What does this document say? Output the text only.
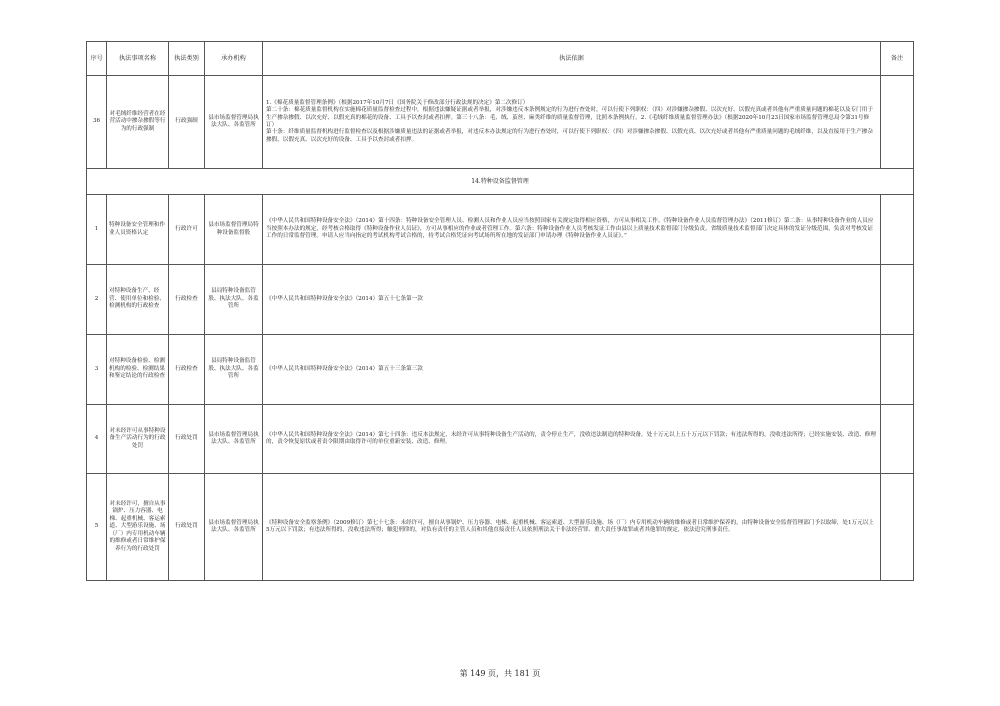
序号	执法事项名称	执法类别	承办机构	执法依据	备注
36	对毛绒纤维经营者在经营活动中掺杂掺假等行为的行政强制	行政强制	县市场监督管理局执法大队、各监管所	1.《棉花质量监督管理条例》（根据2017年10月7日《国务院关于修改部分行政法规的决定》第二次修订）
第二十条：棉花质量监督机构在实施棉花质量监督检查过程中，根据违法嫌疑证据或者举报，对涉嫌违反本条例规定的行为进行查处时，可以行使下列职权：（四）对涉嫌掺杂掺假、以次充好、以假充真或者其他有严重质量问题的棉花以及专门用于生产掺杂掺假、以次充好、以假充真的棉花的设备、工具予以查封或者扣押。第三十八条：毛、绒、茧丝、麻类纤维的质量监督管理，比照本条例执行。2.《毛绒纤维质量监督管理办法》（根据2020年10月23日国家市场监督管理总局令第31号修订）
第十条：纤维质量监督机构进行监督检查以及根据涉嫌质量违法的证据或者举报，对违反本办法规定的行为进行查处时，可以行使下列职权：（四）对涉嫌掺杂掺假、以假充真、以次充好或者其他有严重质量问题的毛绒纤维，以及直接用于生产掺杂掺假、以假充真、以次充好的设备、工具予以查封或者扣押。	

14.特种设备监督管理					
1	特种设备安全管理和作业人员资格认定	行政许可	县市场监督管理局特种设备监督股	《中华人民共和国特种设备安全法》（2014）第十四条：特种设备安全管理人员、检测人员和作业人员应当按照国家有关规定取得相应资格，方可从事相关工作。《特种设备作业人员监督管理办法》（2011修订）第二条：从事特种设备作业的人员应当按照本办法的规定，经考核合格取得《特种设备作业人员证》，方可从事相应的作业或者管理工作。第六条：特种设备作业人员考核发证工作由县以上质量技术监督部门分级负责。省级质量技术监督部门决定具体的发证分级范围，负责对考核发证工作的日常监督管理。申请人应当向指定的考试机构考试合格的，持考试合格凭证向考试场所所在地的发证部门申请办理《特种设备作业人员证》。”	
2	对特种设备生产、经营、使用单位和检验、检测机构的行政检查	行政检查	县局特种设备监管股、执法大队、各监管所	《中华人民共和国特种设备安全法》（2014）第五十七条第一款	
3	对特种设备检验、检测机构的检验、检测结果和鉴定结论的行政检查	行政检查	县局特种设备监管股、执法大队、各监管所	《中华人民共和国特种设备安全法》（2014）第五十三条第三款	
4	对未经许可从事特种设备生产活动行为的行政处罚	行政处罚	县市场监督管理局执法大队、各监管所	《中华人民共和国特种设备安全法》（2014）第七十四条：违反本法规定，未经许可从事特种设备生产活动的，责令停止生产，没收违法制造的特种设备，处十万元以上五十万元以下罚款；有违法所得的，没收违法所得；已经实施安装、改造、修理的，责令恢复原状或者责令限期由取得许可的单位重新安装、改造、修理。	
5	对未经许可，擅自从事锅炉、压力容器、电梯、起重机械、客运索道、大型游乐设施、场（厂）内专用机动车辆的维修或者日常维护保养行为的行政处罚	行政处罚	县市场监督管理局执法大队、各监管所	《特种设备安全监察条例》（2009修订）第七十七条：未经许可，擅自从事锅炉、压力容器、电梯、起重机械、客运索道、大型游乐设施、场（厂）内专用机动车辆的维修或者日常维护保养的，由特种设备安全监督管理部门予以取缔，处1万元以上5万元以下罚款；有违法所得的，没收违法所得；触犯刑律的，对负有责任的主管人员和其他直接责任人员依照刑法关于非法经营罪、重大责任事故罪或者其他罪的规定，依法追究刑事责任。	
第 149 页，共 181 页
